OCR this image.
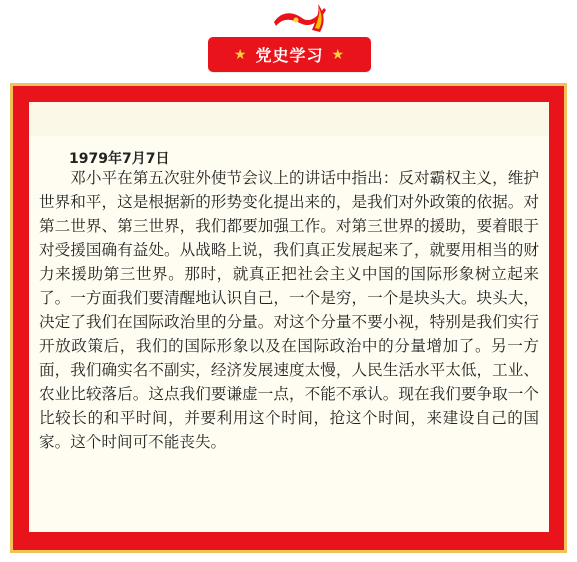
★ 党史学习 ★
1979年7月7日

邓小平在第五次驻外使节会议上的讲话中指出：反对霸权主义，维护世界和平，这是根据新的形势变化提出来的，是我们对外政策的依据。对第二世界、第三世界，我们都要加强工作。对第三世界的援助，要着眼于对受援国确有益处。从战略上说，我们真正发展起来了，就要用相当的财力来援助第三世界。那时，就真正把社会主义中国的国际形象树立起来了。一方面我们要清醒地认识自己，一个是穷，一个是块头大。块头大，决定了我们在国际政治里的分量。对这个分量不要小视，特别是我们实行开放政策后，我们的国际形象以及在国际政治中的分量增加了。另一方面，我们确实名不副实，经济发展速度太慢，人民生活水平太低，工业、农业比较落后。这点我们要谦虚一点，不能不承认。现在我们要争取一个比较长的和平时间，并要利用这个时间，抢这个时间，来建设自己的国家。这个时间可不能丧失。
